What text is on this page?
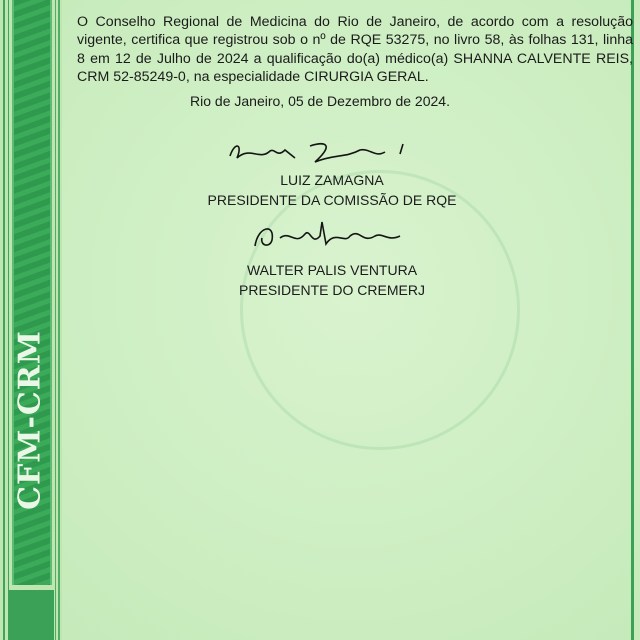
CFM-CRM
O Conselho Regional de Medicina do Rio de Janeiro, de acordo com a resolução vigente, certifica que registrou sob o nº de RQE 53275, no livro 58, às folhas 131, linha 8 em 12 de Julho de 2024 a qualificação do(a) médico(a) SHANNA CALVENTE REIS, CRM 52-85249-0, na especialidade CIRURGIA GERAL.
Rio de Janeiro, 05 de Dezembro de 2024.
LUIZ ZAMAGNA
PRESIDENTE DA COMISSÃO DE RQE
WALTER PALIS VENTURA
PRESIDENTE DO CREMERJ
